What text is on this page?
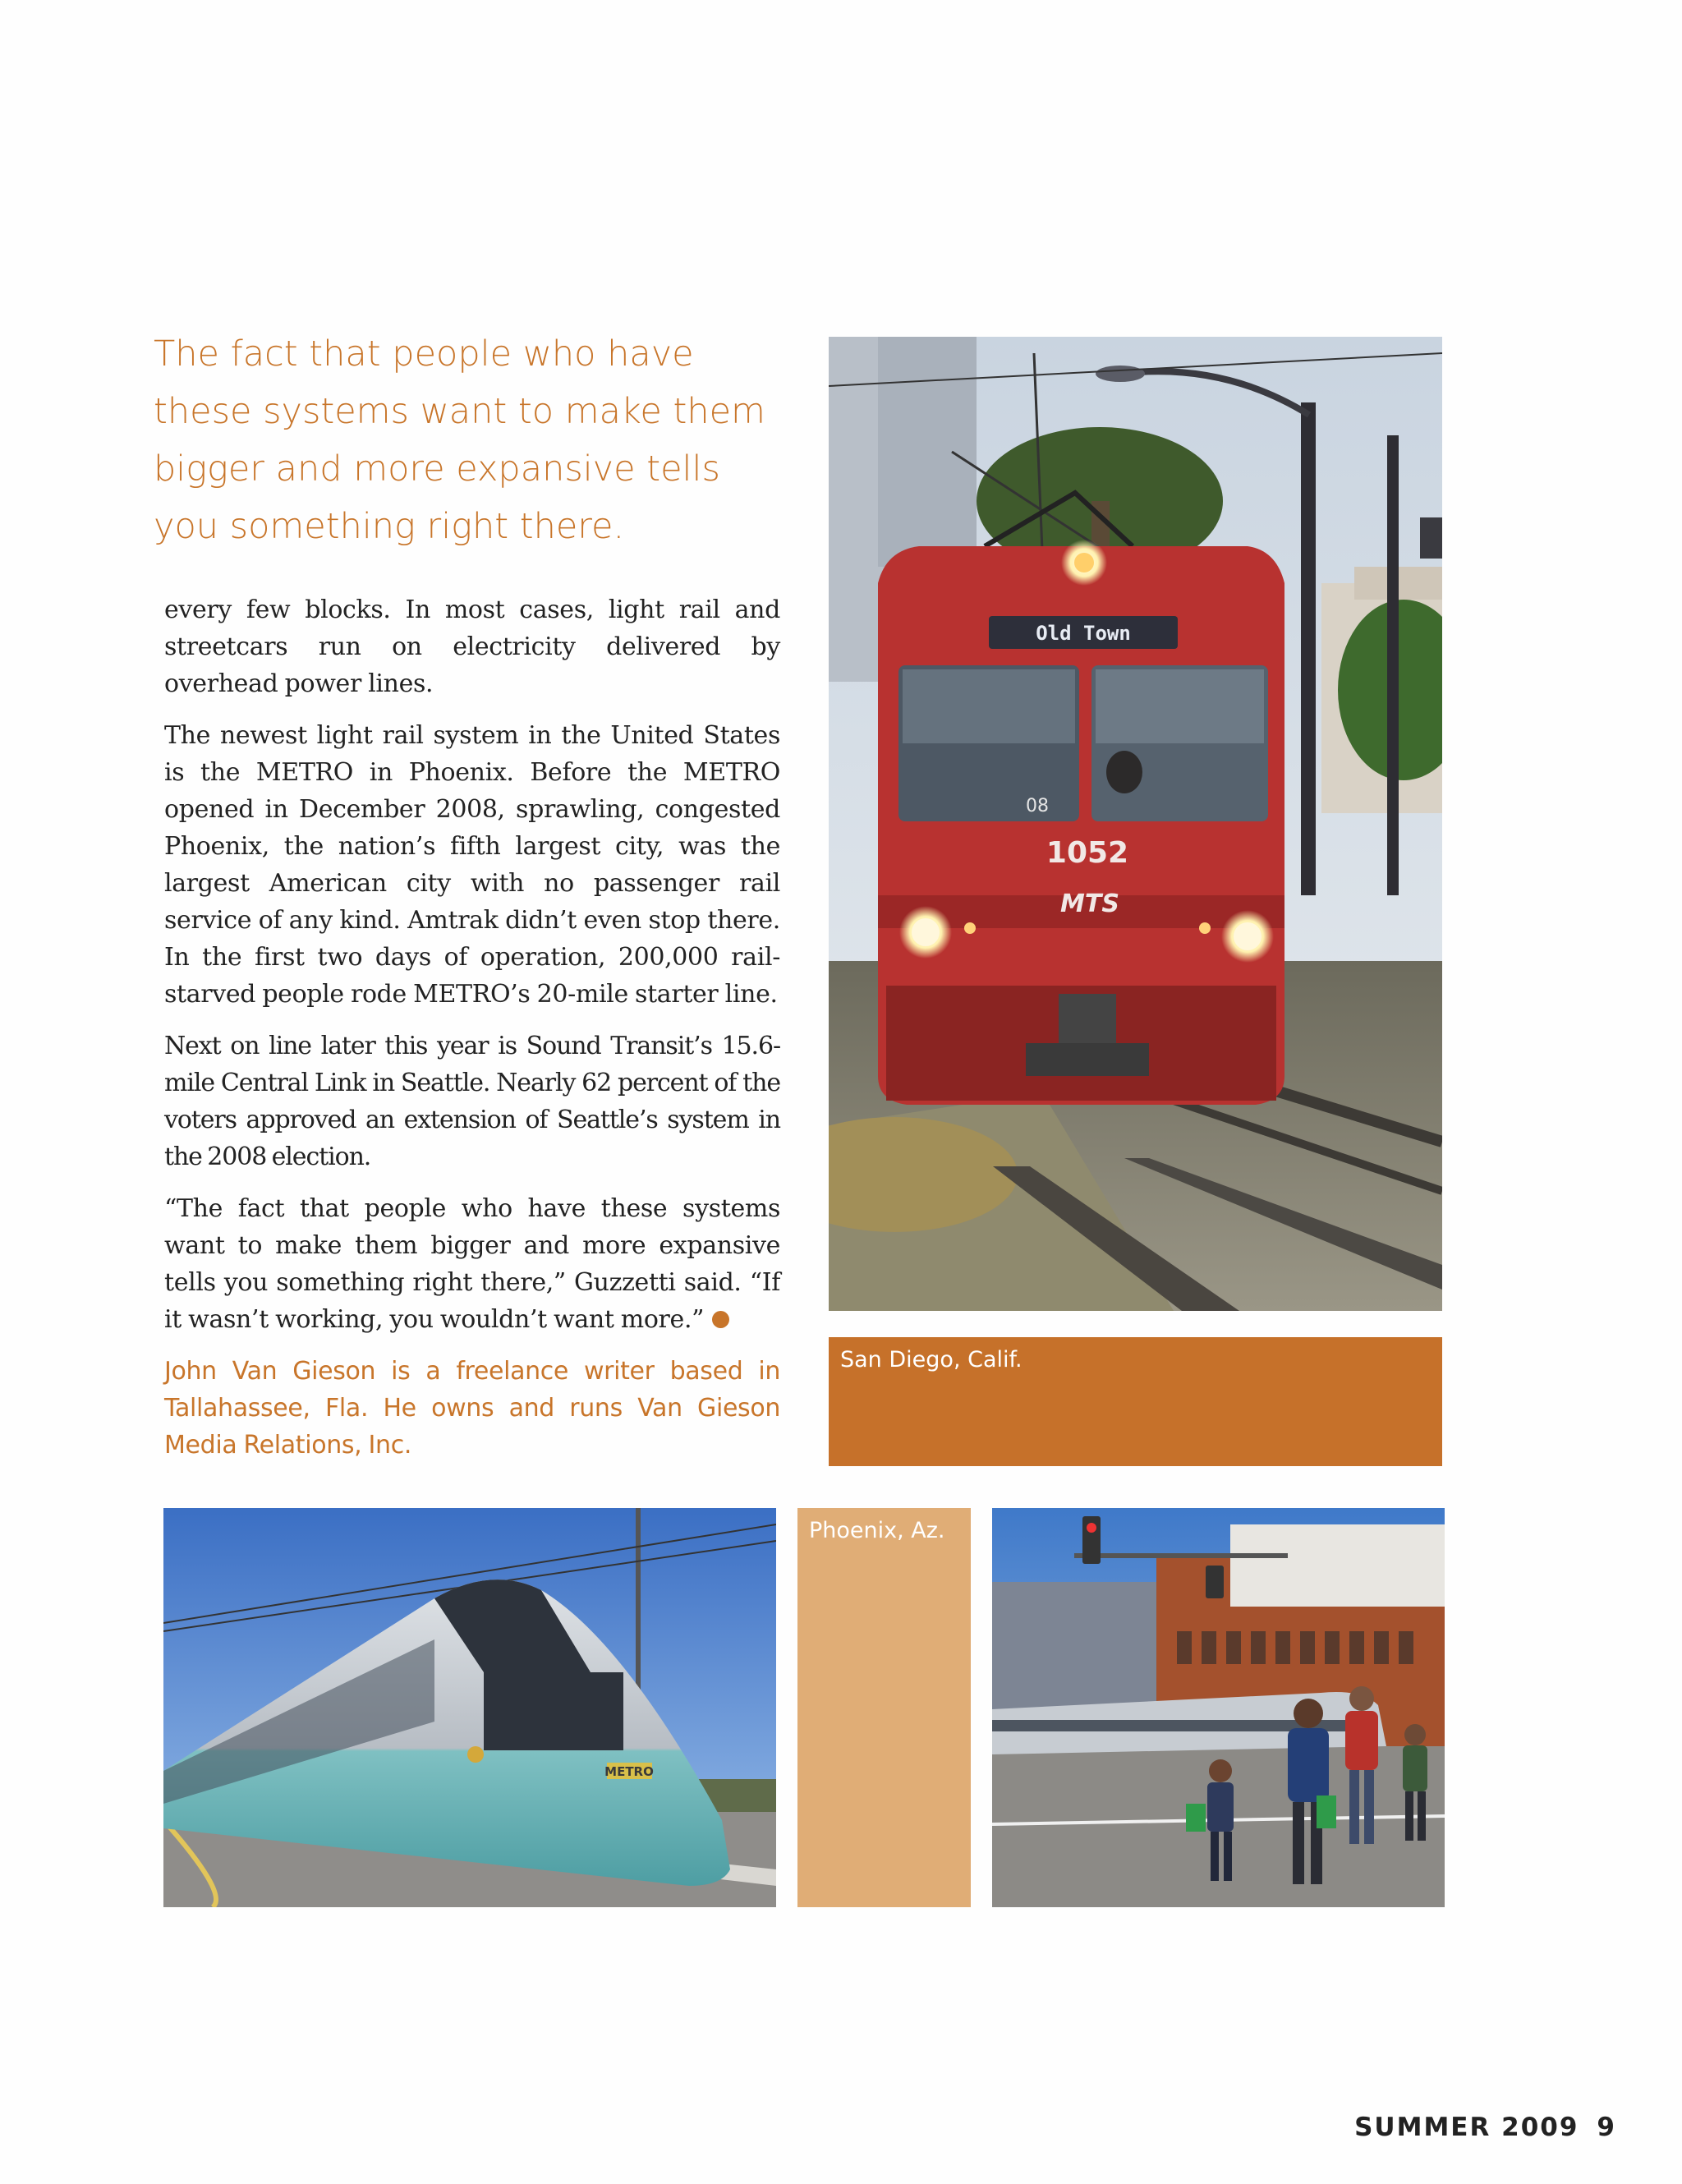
The fact that people who have
these systems want to make them
bigger and more expansive tells
you something right there.

every few blocks. In most cases, light rail and streetcars run on electricity delivered by overhead power lines.

The newest light rail system in the United States is the METRO in Phoenix. Before the METRO opened in December 2008, sprawling, congested Phoenix, the nation’s fifth largest city, was the largest American city with no passenger rail service of any kind. Amtrak didn’t even stop there. In the first two days of operation, 200,000 rail-starved people rode METRO’s 20-mile starter line.

Next on line later this year is Sound Transit’s 15.6-mile Central Link in Seattle. Nearly 62 percent of the voters approved an extension of Seattle’s system in the 2008 election.

“The fact that people who have these systems want to make them bigger and more expansive tells you something right there,” Guzzetti said. “If it wasn’t working, you wouldn’t want more.”

John Van Gieson is a freelance writer based in Tallahassee, Fla. He owns and runs Van Gieson Media Relations, Inc.

Old Town
08
1052
MTS
San Diego, Calif.
METRO
Phoenix, Az.
SUMMER 2009 9
